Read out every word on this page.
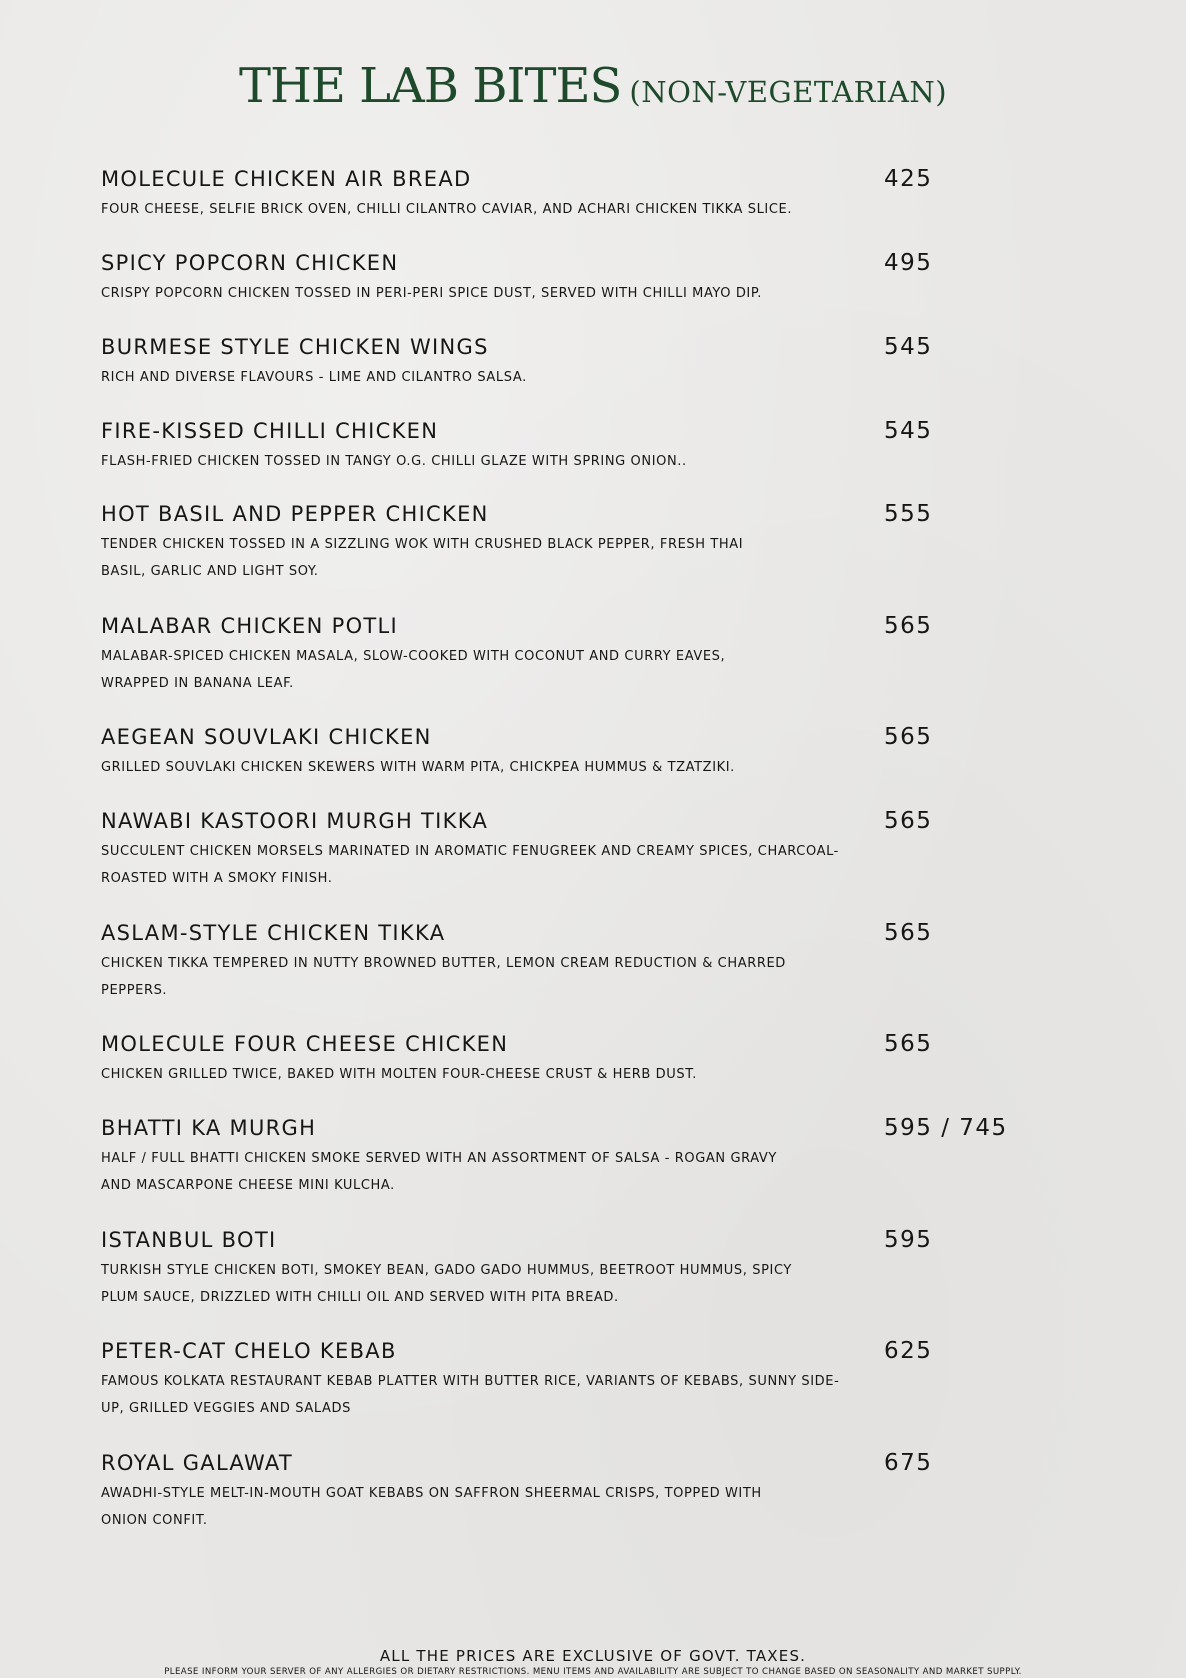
THE LAB BITES (NON-VEGETARIAN)
MOLECULE CHICKEN AIR BREAD	425
FOUR CHEESE, SELFIE BRICK OVEN, CHILLI CILANTRO CAVIAR, AND ACHARI CHICKEN TIKKA SLICE.
SPICY POPCORN CHICKEN	495
CRISPY POPCORN CHICKEN TOSSED IN PERI-PERI SPICE DUST, SERVED WITH CHILLI MAYO DIP.
BURMESE STYLE CHICKEN WINGS	545
RICH AND DIVERSE FLAVOURS - LIME AND CILANTRO SALSA.
FIRE-KISSED CHILLI CHICKEN	545
FLASH-FRIED CHICKEN TOSSED IN TANGY O.G. CHILLI GLAZE WITH SPRING ONION..
HOT BASIL AND PEPPER CHICKEN	555
TENDER CHICKEN TOSSED IN A SIZZLING WOK WITH CRUSHED BLACK PEPPER, FRESH THAI BASIL, GARLIC AND LIGHT SOY.
MALABAR CHICKEN POTLI	565
MALABAR-SPICED CHICKEN MASALA, SLOW-COOKED WITH COCONUT AND CURRY EAVES, WRAPPED IN BANANA LEAF.
AEGEAN SOUVLAKI CHICKEN	565
GRILLED SOUVLAKI CHICKEN SKEWERS WITH WARM PITA, CHICKPEA HUMMUS & TZATZIKI.
NAWABI KASTOORI MURGH TIKKA	565
SUCCULENT CHICKEN MORSELS MARINATED IN AROMATIC FENUGREEK AND CREAMY SPICES, CHARCOAL-ROASTED WITH A SMOKY FINISH.
ASLAM-STYLE CHICKEN TIKKA	565
CHICKEN TIKKA TEMPERED IN NUTTY BROWNED BUTTER, LEMON CREAM REDUCTION & CHARRED PEPPERS.
MOLECULE FOUR CHEESE CHICKEN	565
CHICKEN GRILLED TWICE, BAKED WITH MOLTEN FOUR-CHEESE CRUST & HERB DUST.
BHATTI KA MURGH	595 / 745
HALF / FULL BHATTI CHICKEN SMOKE SERVED WITH AN ASSORTMENT OF SALSA - ROGAN GRAVY AND MASCARPONE CHEESE MINI KULCHA.
ISTANBUL BOTI	595
TURKISH STYLE CHICKEN BOTI, SMOKEY BEAN, GADO GADO HUMMUS, BEETROOT HUMMUS, SPICY PLUM SAUCE, DRIZZLED WITH CHILLI OIL AND SERVED WITH PITA BREAD.
PETER-CAT CHELO KEBAB	625
FAMOUS KOLKATA RESTAURANT KEBAB PLATTER WITH BUTTER RICE, VARIANTS OF KEBABS, SUNNY SIDE-UP, GRILLED VEGGIES AND SALADS
ROYAL GALAWAT	675
AWADHI-STYLE MELT-IN-MOUTH GOAT KEBABS ON SAFFRON SHEERMAL CRISPS, TOPPED WITH ONION CONFIT.
ALL THE PRICES ARE EXCLUSIVE OF GOVT. TAXES.
PLEASE INFORM YOUR SERVER OF ANY ALLERGIES OR DIETARY RESTRICTIONS. MENU ITEMS AND AVAILABILITY ARE SUBJECT TO CHANGE BASED ON SEASONALITY AND MARKET SUPPLY.
